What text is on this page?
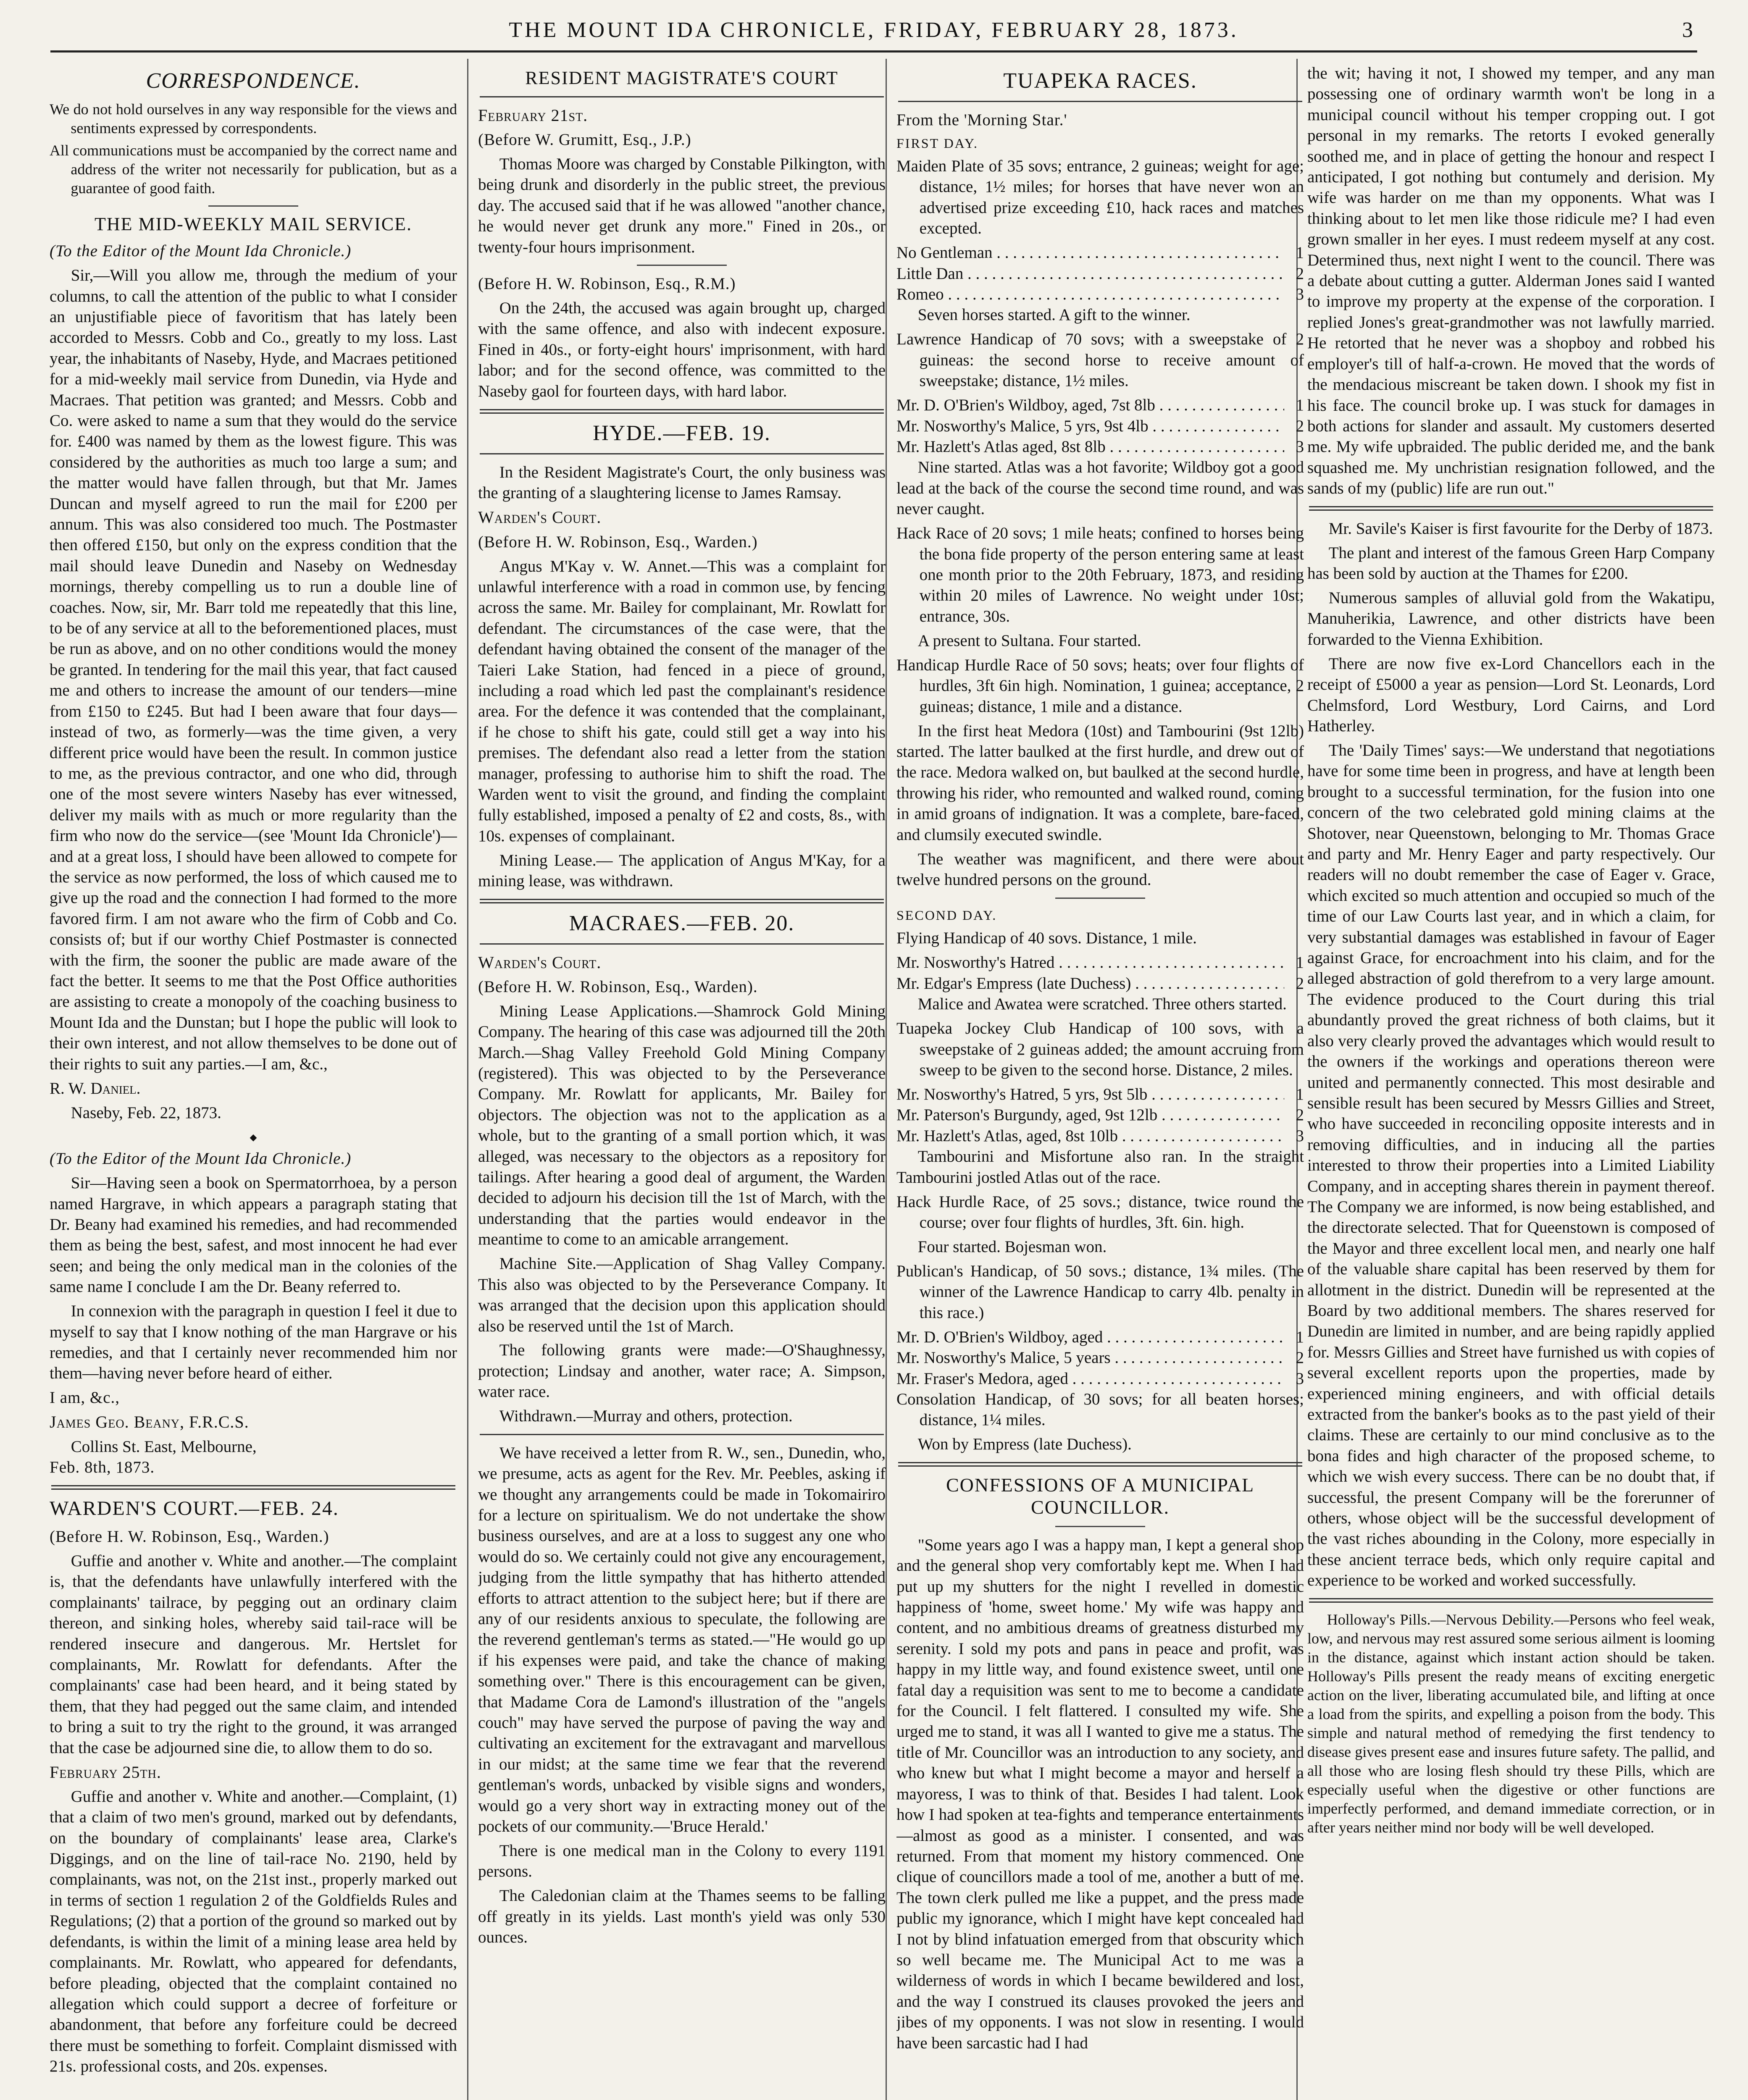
THE MOUNT IDA CHRONICLE, FRIDAY, FEBRUARY 28, 1873.	3
CORRESPONDENCE.

We do not hold ourselves in any way responsible for the views and sentiments expressed by correspondents.

All communications must be accompanied by the correct name and address of the writer not necessarily for publication, but as a guarantee of good faith.

THE MID-WEEKLY MAIL SERVICE.

(To the Editor of the Mount Ida Chronicle.)

Sir,—Will you allow me, through the medium of your columns, to call the attention of the public to what I consider an unjustifiable piece of favoritism that has lately been accorded to Messrs. Cobb and Co., greatly to my loss. Last year, the inhabitants of Naseby, Hyde, and Macraes petitioned for a mid-weekly mail service from Dunedin, via Hyde and Macraes. That petition was granted; and Messrs. Cobb and Co. were asked to name a sum that they would do the service for. £400 was named by them as the lowest figure. This was considered by the authorities as much too large a sum; and the matter would have fallen through, but that Mr. James Duncan and myself agreed to run the mail for £200 per annum. This was also considered too much. The Postmaster then offered £150, but only on the express condition that the mail should leave Dunedin and Naseby on Wednesday mornings, thereby compelling us to run a double line of coaches. Now, sir, Mr. Barr told me repeatedly that this line, to be of any service at all to the beforementioned places, must be run as above, and on no other conditions would the money be granted. In tendering for the mail this year, that fact caused me and others to increase the amount of our tenders—mine from £150 to £245. But had I been aware that four days—instead of two, as formerly—was the time given, a very different price would have been the result. In common justice to me, as the previous contractor, and one who did, through one of the most severe winters Naseby has ever witnessed, deliver my mails with as much or more regularity than the firm who now do the service—(see 'Mount Ida Chronicle')—and at a great loss, I should have been allowed to compete for the service as now performed, the loss of which caused me to give up the road and the connection I had formed to the more favored firm. I am not aware who the firm of Cobb and Co. consists of; but if our worthy Chief Postmaster is connected with the firm, the sooner the public are made aware of the fact the better. It seems to me that the Post Office authorities are assisting to create a monopoly of the coaching business to Mount Ida and the Dunstan; but I hope the public will look to their own interest, and not allow themselves to be done out of their rights to suit any parties.—I am, &c.,

R. W. Daniel.

Naseby, Feb. 22, 1873.

◆

(To the Editor of the Mount Ida Chronicle.)

Sir—Having seen a book on Spermatorrhoea, by a person named Hargrave, in which appears a paragraph stating that Dr. Beany had examined his remedies, and had recommended them as being the best, safest, and most innocent he had ever seen; and being the only medical man in the colonies of the same name I conclude I am the Dr. Beany referred to.

In connexion with the paragraph in question I feel it due to myself to say that I know nothing of the man Hargrave or his remedies, and that I certainly never recommended him nor them—having never before heard of either.

I am, &c.,

James Geo. Beany, F.R.C.S.

Collins St. East, Melbourne,

Feb. 8th, 1873.

WARDEN'S COURT.—FEB. 24.

(Before H. W. Robinson, Esq., Warden.)

Guffie and another v. White and another.—The complaint is, that the defendants have unlawfully interfered with the complainants' tailrace, by pegging out an ordinary claim thereon, and sinking holes, whereby said tail-race will be rendered insecure and dangerous. Mr. Hertslet for complainants, Mr. Rowlatt for defendants. After the complainants' case had been heard, and it being stated by them, that they had pegged out the same claim, and intended to bring a suit to try the right to the ground, it was arranged that the case be adjourned sine die, to allow them to do so.

February 25th.

Guffie and another v. White and another.—Complaint, (1) that a claim of two men's ground, marked out by defendants, on the boundary of complainants' lease area, Clarke's Diggings, and on the line of tail-race No. 2190, held by complainants, was not, on the 21st inst., properly marked out in terms of section 1 regulation 2 of the Goldfields Rules and Regulations; (2) that a portion of the ground so marked out by defendants, is within the limit of a mining lease area held by complainants. Mr. Rowlatt, who appeared for defendants, before pleading, objected that the complaint contained no allegation which could support a decree of forfeiture or abandonment, that before any forfeiture could be decreed there must be something to forfeit. Complaint dismissed with 21s. professional costs, and 20s. expenses.

RESIDENT MAGISTRATE'S COURT

February 21st.

(Before W. Grumitt, Esq., J.P.)

Thomas Moore was charged by Constable Pilkington, with being drunk and disorderly in the public street, the previous day. The accused said that if he was allowed "another chance, he would never get drunk any more." Fined in 20s., or twenty-four hours imprisonment.

(Before H. W. Robinson, Esq., R.M.)

On the 24th, the accused was again brought up, charged with the same offence, and also with indecent exposure. Fined in 40s., or forty-eight hours' imprisonment, with hard labor; and for the second offence, was committed to the Naseby gaol for fourteen days, with hard labor.

HYDE.—FEB. 19.

In the Resident Magistrate's Court, the only business was the granting of a slaughtering license to James Ramsay.

Warden's Court.

(Before H. W. Robinson, Esq., Warden.)

Angus M'Kay v. W. Annet.—This was a complaint for unlawful interference with a road in common use, by fencing across the same. Mr. Bailey for complainant, Mr. Rowlatt for defendant. The circumstances of the case were, that the defendant having obtained the consent of the manager of the Taieri Lake Station, had fenced in a piece of ground, including a road which led past the complainant's residence area. For the defence it was contended that the complainant, if he chose to shift his gate, could still get a way into his premises. The defendant also read a letter from the station manager, professing to authorise him to shift the road. The Warden went to visit the ground, and finding the complaint fully established, imposed a penalty of £2 and costs, 8s., with 10s. expenses of complainant.

Mining Lease.— The application of Angus M'Kay, for a mining lease, was withdrawn.

MACRAES.—FEB. 20.

Warden's Court.

(Before H. W. Robinson, Esq., Warden).

Mining Lease Applications.—Shamrock Gold Mining Company. The hearing of this case was adjourned till the 20th March.—Shag Valley Freehold Gold Mining Company (registered). This was objected to by the Perseverance Company. Mr. Rowlatt for applicants, Mr. Bailey for objectors. The objection was not to the application as a whole, but to the granting of a small portion which, it was alleged, was necessary to the objectors as a repository for tailings. After hearing a good deal of argument, the Warden decided to adjourn his decision till the 1st of March, with the understanding that the parties would endeavor in the meantime to come to an amicable arrangement.

Machine Site.—Application of Shag Valley Company. This also was objected to by the Perseverance Company. It was arranged that the decision upon this application should also be reserved until the 1st of March.

The following grants were made:—O'Shaughnessy, protection; Lindsay and another, water race; A. Simpson, water race.

Withdrawn.—Murray and others, protection.

We have received a letter from R. W., sen., Dunedin, who, we presume, acts as agent for the Rev. Mr. Peebles, asking if we thought any arrangements could be made in Tokomairiro for a lecture on spiritualism. We do not undertake the show business ourselves, and are at a loss to suggest any one who would do so. We certainly could not give any encouragement, judging from the little sympathy that has hitherto attended efforts to attract attention to the subject here; but if there are any of our residents anxious to speculate, the following are the reverend gentleman's terms as stated.—"He would go up if his expenses were paid, and take the chance of making something over." There is this encouragement can be given, that Madame Cora de Lamond's illustration of the "angels couch" may have served the purpose of paving the way and cultivating an excitement for the extravagant and marvellous in our midst; at the same time we fear that the reverend gentleman's words, unbacked by visible signs and wonders, would go a very short way in extracting money out of the pockets of our community.—'Bruce Herald.'

There is one medical man in the Colony to every 1191 persons.

The Caledonian claim at the Thames seems to be falling off greatly in its yields. Last month's yield was only 530 ounces.

TUAPEKA RACES.

From the 'Morning Star.'

FIRST DAY.

Maiden Plate of 35 sovs; entrance, 2 guineas; weight for age; distance, 1½ miles; for horses that have never won an advertised prize exceeding £10, hack races and matches excepted.

No Gentleman . . .	1
Little Dan . . .	2
Romeo . . .	3

Seven horses started. A gift to the winner.

Lawrence Handicap of 70 sovs; with a sweepstake of 2 guineas: the second horse to receive amount of sweepstake; distance, 1½ miles.

Mr. D. O'Brien's Wildboy, aged, 7st 8lb . . .	1
Mr. Nosworthy's Malice, 5 yrs, 9st 4lb . . .	2
Mr. Hazlett's Atlas aged, 8st 8lb . . .	3

Nine started. Atlas was a hot favorite; Wildboy got a good lead at the back of the course the second time round, and was never caught.

Hack Race of 20 sovs; 1 mile heats; confined to horses being the bona fide property of the person entering same at least one month prior to the 20th February, 1873, and residing within 20 miles of Lawrence. No weight under 10st; entrance, 30s.

A present to Sultana. Four started.

Handicap Hurdle Race of 50 sovs; heats; over four flights of hurdles, 3ft 6in high. Nomination, 1 guinea; acceptance, 2 guineas; distance, 1 mile and a distance.

In the first heat Medora (10st) and Tambourini (9st 12lb) started. The latter baulked at the first hurdle, and drew out of the race. Medora walked on, but baulked at the second hurdle, throwing his rider, who remounted and walked round, coming in amid groans of indignation. It was a complete, bare-faced, and clumsily executed swindle.

The weather was magnificent, and there were about twelve hundred persons on the ground.

SECOND DAY.

Flying Handicap of 40 sovs. Distance, 1 mile.

Mr. Nosworthy's Hatred . . .	1
Mr. Edgar's Empress (late Duchess) . . .	2

Malice and Awatea were scratched. Three others started.

Tuapeka Jockey Club Handicap of 100 sovs, with a sweepstake of 2 guineas added; the amount accruing from sweep to be given to the second horse. Distance, 2 miles.

Mr. Nosworthy's Hatred, 5 yrs, 9st 5lb . . .	1
Mr. Paterson's Burgundy, aged, 9st 12lb . . .	2
Mr. Hazlett's Atlas, aged, 8st 10lb . . .	3

Tambourini and Misfortune also ran. In the straight Tambourini jostled Atlas out of the race.

Hack Hurdle Race, of 25 sovs.; distance, twice round the course; over four flights of hurdles, 3ft. 6in. high.

Four started. Bojesman won.

Publican's Handicap, of 50 sovs.; distance, 1¾ miles. (The winner of the Lawrence Handicap to carry 4lb. penalty in this race.)

Mr. D. O'Brien's Wildboy, aged . . .	1
Mr. Nosworthy's Malice, 5 years . . .	2
Mr. Fraser's Medora, aged . . .	3

Consolation Handicap, of 30 sovs; for all beaten horses; distance, 1¼ miles.

Won by Empress (late Duchess).

CONFESSIONS OF A MUNICIPAL COUNCILLOR.

"Some years ago I was a happy man, I kept a general shop and the general shop very comfortably kept me. When I had put up my shutters for the night I revelled in domestic happiness of 'home, sweet home.' My wife was happy and content, and no ambitious dreams of greatness disturbed my serenity. I sold my pots and pans in peace and profit, was happy in my little way, and found existence sweet, until one fatal day a requisition was sent to me to become a candidate for the Council. I felt flattered. I consulted my wife. She urged me to stand, it was all I wanted to give me a status. The title of Mr. Councillor was an introduction to any society, and who knew but what I might become a mayor and herself a mayoress, I was to think of that. Besides I had talent. Look how I had spoken at tea-fights and temperance entertainments—almost as good as a minister. I consented, and was returned. From that moment my history commenced. One clique of councillors made a tool of me, another a butt of me. The town clerk pulled me like a puppet, and the press made public my ignorance, which I might have kept concealed had I not by blind infatuation emerged from that obscurity which so well became me. The Municipal Act to me was a wilderness of words in which I became bewildered and lost, and the way I construed its clauses provoked the jeers and jibes of my opponents. I was not slow in resenting. I would have been sarcastic had I had

the wit; having it not, I showed my temper, and any man possessing one of ordinary warmth won't be long in a municipal council without his temper cropping out. I got personal in my remarks. The retorts I evoked generally soothed me, and in place of getting the honour and respect I anticipated, I got nothing but contumely and derision. My wife was harder on me than my opponents. What was I thinking about to let men like those ridicule me? I had even grown smaller in her eyes. I must redeem myself at any cost. Determined thus, next night I went to the council. There was a debate about cutting a gutter. Alderman Jones said I wanted to improve my property at the expense of the corporation. I replied Jones's great-grandmother was not lawfully married. He retorted that he never was a shopboy and robbed his employer's till of half-a-crown. He moved that the words of the mendacious miscreant be taken down. I shook my fist in his face. The council broke up. I was stuck for damages in both actions for slander and assault. My customers deserted me. My wife upbraided. The public derided me, and the bank squashed me. My unchristian resignation followed, and the sands of my (public) life are run out."

Mr. Savile's Kaiser is first favourite for the Derby of 1873.

The plant and interest of the famous Green Harp Company has been sold by auction at the Thames for £200.

Numerous samples of alluvial gold from the Wakatipu, Manuherikia, Lawrence, and other districts have been forwarded to the Vienna Exhibition.

There are now five ex-Lord Chancellors each in the receipt of £5000 a year as pension—Lord St. Leonards, Lord Chelmsford, Lord Westbury, Lord Cairns, and Lord Hatherley.

The 'Daily Times' says:—We understand that negotiations have for some time been in progress, and have at length been brought to a successful termination, for the fusion into one concern of the two celebrated gold mining claims at the Shotover, near Queenstown, belonging to Mr. Thomas Grace and party and Mr. Henry Eager and party respectively. Our readers will no doubt remember the case of Eager v. Grace, which excited so much attention and occupied so much of the time of our Law Courts last year, and in which a claim, for very substantial damages was established in favour of Eager against Grace, for encroachment into his claim, and for the alleged abstraction of gold therefrom to a very large amount. The evidence produced to the Court during this trial abundantly proved the great richness of both claims, but it also very clearly proved the advantages which would result to the owners if the workings and operations thereon were united and permanently connected. This most desirable and sensible result has been secured by Messrs Gillies and Street, who have succeeded in reconciling opposite interests and in removing difficulties, and in inducing all the parties interested to throw their properties into a Limited Liability Company, and in accepting shares therein in payment thereof. The Company we are informed, is now being established, and the directorate selected. That for Queenstown is composed of the Mayor and three excellent local men, and nearly one half of the valuable share capital has been reserved by them for allotment in the district. Dunedin will be represented at the Board by two additional members. The shares reserved for Dunedin are limited in number, and are being rapidly applied for. Messrs Gillies and Street have furnished us with copies of several excellent reports upon the properties, made by experienced mining engineers, and with official details extracted from the banker's books as to the past yield of their claims. These are certainly to our mind conclusive as to the bona fides and high character of the proposed scheme, to which we wish every success. There can be no doubt that, if successful, the present Company will be the forerunner of others, whose object will be the successful development of the vast riches abounding in the Colony, more especially in these ancient terrace beds, which only require capital and experience to be worked and worked successfully.

Holloway's Pills.—Nervous Debility.—Persons who feel weak, low, and nervous may rest assured some serious ailment is looming in the distance, against which instant action should be taken. Holloway's Pills present the ready means of exciting energetic action on the liver, liberating accumulated bile, and lifting at once a load from the spirits, and expelling a poison from the body. This simple and natural method of remedying the first tendency to disease gives present ease and insures future safety. The pallid, and all those who are losing flesh should try these Pills, which are especially useful when the digestive or other functions are imperfectly performed, and demand immediate correction, or in after years neither mind nor body will be well developed.
